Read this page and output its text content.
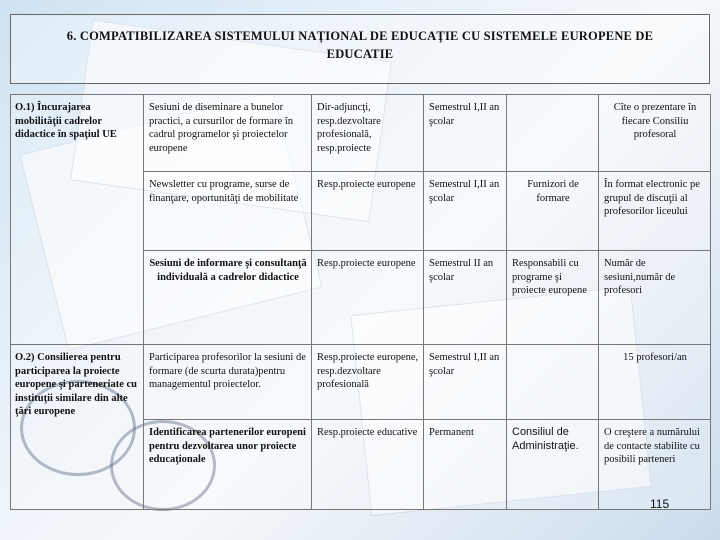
6. COMPATIBILIZAREA SISTEMULUI NAŢIONAL DE EDUCAŢIE CU SISTEMELE EUROPENE DE
EDUCATIE
O.1) Încurajarea mobilităţii cadrelor didactice în spaţiul UE	Sesiuni de diseminare a bunelor practici, a cursurilor de formare în cadrul programelor şi proiectelor europene	Dir-adjuncţi, resp.dezvoltare profesională, resp.proiecte	Semestrul I,II an şcolar		Cîte o prezentare în fiecare Consiliu profesoral
	Newsletter cu programe, surse de finanţare, oportunităţi de mobilitate	Resp.proiecte europene	Semestrul I,II an şcolar	Furnizori de formare	În format electronic pe grupul de discuţii al profesorilor liceului
	Sesiuni de informare şi consultanţă individuală a cadrelor didactice	Resp.proiecte europene	Semestrul II an şcolar	Responsabili cu programe şi proiecte europene	Număr de sesiuni,număr de profesori
O.2) Consilierea pentru participarea la proiecte europene şi parteneriate cu instituţii similare din alte ţări europene	Participarea profesorilor la sesiuni de formare (de scurta durata)pentru managementul proiectelor.	Resp.proiecte europene, resp.dezvoltare profesională	Semestrul I,II an şcolar		15 profesori/an
	Identificarea partenerilor europeni pentru dezvoltarea unor proiecte educaţionale	Resp.proiecte educative	Permanent	Consiliul de Administraţie.	O creştere a numărului de contacte stabilite cu posibili parteneri
115
